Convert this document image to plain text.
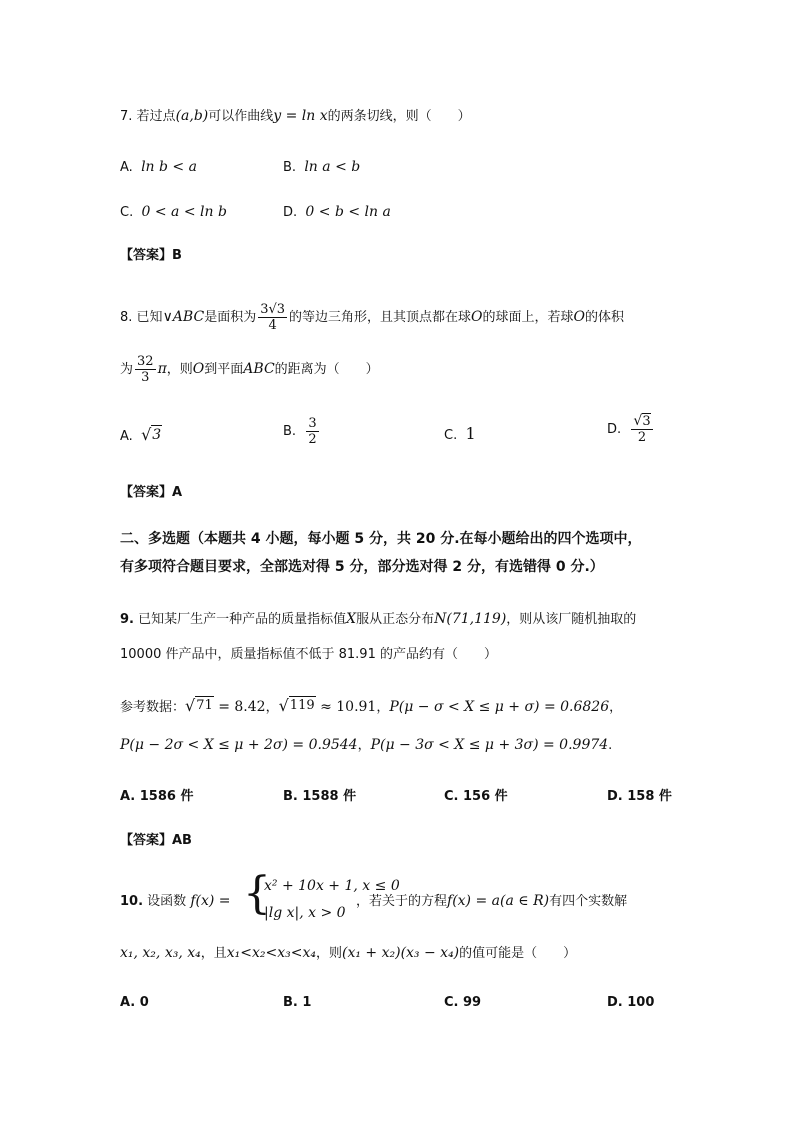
7. 若过点(a,b)可以作曲线y = ln x的两条切线，则（　　）
A. ln b < a	B. ln a < b
C. 0 < a < ln b	D. 0 < b < ln a
【答案】B
8. 已知∨ABC是面积为 $\frac{3√3}{4}$ 的等边三角形，且其顶点都在球O的球面上，若球O的体积
为 $\frac{32}{3}$ π，则O到平面ABC的距离为（　　）
A. √ 3	B. $\frac{3}{2}$	C. 1	D. $\frac{√3}{2}$
【答案】A
二、多选题（本题共 4 小题，每小题 5 分，共 20 分.在每小题给出的四个选项中，
有多项符合题目要求，全部选对得 5 分，部分选对得 2 分，有选错得 0 分.）
9. 已知某厂生产一种产品的质量指标值X服从正态分布N(71,119)，则从该厂随机抽取的
10000 件产品中，质量指标值不低于 81.91 的产品约有（　　）
参考数据： √ 71 = 8.42， √ 119 ≈ 10.91，P(μ − σ < X ≤ μ + σ) = 0.6826，
P(μ − 2σ < X ≤ μ + 2σ) = 0.9544，P(μ − 3σ < X ≤ μ + 3σ) = 0.9974.
A. 1586 件	B. 1588 件	C. 156 件	D. 158 件
【答案】AB
10. 设函数 f(x) = {
x² + 10x + 1, x ≤ 0
|lg x|, x > 0
，若关于的方程f(x) = a(a ∈ R)有四个实数解
x₁, x₂, x₃, x₄，且x₁<x₂<x₃<x₄，则(x₁ + x₂)(x₃ − x₄)的值可能是（　　）
A. 0	B. 1	C. 99	D. 100
